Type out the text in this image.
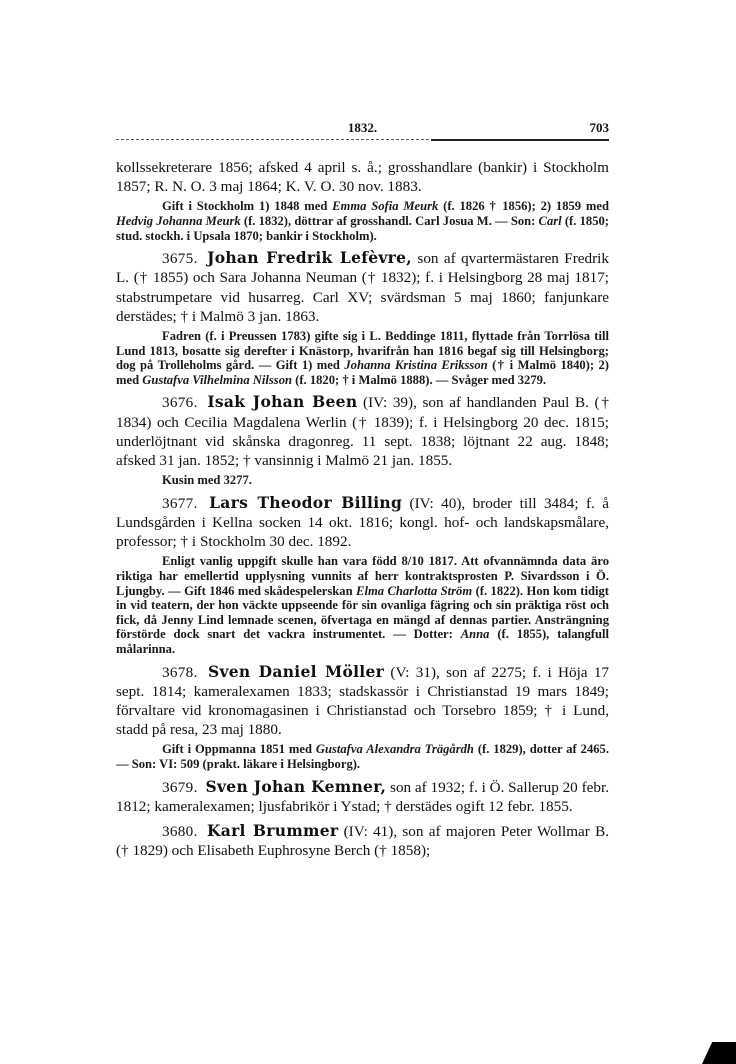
1832.	703

kollssekreterare 1856; afsked 4 april s. å.; grosshandlare (bankir) i Stockholm 1857; R. N. O. 3 maj 1864; K. V. O. 30 nov. 1883.

Gift i Stockholm 1) 1848 med Emma Sofia Meurk (f. 1826 † 1856); 2) 1859 med Hedvig Johanna Meurk (f. 1832), döttrar af grosshandl. Carl Josua M. — Son: Carl (f. 1850; stud. stockh. i Upsala 1870; bankir i Stockholm).

3675. Johan Fredrik Lefèvre, son af qvartermästaren Fredrik L. († 1855) och Sara Johanna Neuman († 1832); f. i Helsingborg 28 maj 1817; stabstrumpetare vid husarreg. Carl XV; svärdsman 5 maj 1860; fanjunkare derstädes; † i Malmö 3 jan. 1863.

Fadren (f. i Preussen 1783) gifte sig i L. Beddinge 1811, flyttade från Torrlösa till Lund 1813, bosatte sig derefter i Knästorp, hvarifrån han 1816 begaf sig till Helsingborg; dog på Trolleholms gård. — Gift 1) med Johanna Kristina Eriksson († i Malmö 1840); 2) med Gustafva Vilhelmina Nilsson (f. 1820; † i Malmö 1888). — Svåger med 3279.

3676. Isak Johan Been (IV: 39), son af handlanden Paul B. († 1834) och Cecilia Magdalena Werlin († 1839); f. i Helsingborg 20 dec. 1815; underlöjtnant vid skånska dragonreg. 11 sept. 1838; löjtnant 22 aug. 1848; afsked 31 jan. 1852; † vansinnig i Malmö 21 jan. 1855.

Kusin med 3277.

3677. Lars Theodor Billing (IV: 40), broder till 3484; f. å Lundsgården i Kellna socken 14 okt. 1816; kongl. hof- och landskapsmålare, professor; † i Stockholm 30 dec. 1892.

Enligt vanlig uppgift skulle han vara född 8/10 1817. Att ofvannämnda data äro riktiga har emellertid upplysning vunnits af herr kontraktsprosten P. Sivardsson i Ö. Ljungby. — Gift 1846 med skådespelerskan Elma Charlotta Ström (f. 1822). Hon kom tidigt in vid teatern, der hon väckte uppseende för sin ovanliga fägring och sin präktiga röst och fick, då Jenny Lind lemnade scenen, öfvertaga en mängd af dennas partier. Ansträngning förstörde dock snart det vackra instrumentet. — Dotter: Anna (f. 1855), talangfull målarinna.

3678. Sven Daniel Möller (V: 31), son af 2275; f. i Höja 17 sept. 1814; kameralexamen 1833; stadskassör i Christianstad 19 mars 1849; förvaltare vid kronomagasinen i Christianstad och Torsebro 1859; † i Lund, stadd på resa, 23 maj 1880.

Gift i Oppmanna 1851 med Gustafva Alexandra Trägårdh (f. 1829), dotter af 2465. — Son: VI: 509 (prakt. läkare i Helsingborg).

3679. Sven Johan Kemner, son af 1932; f. i Ö. Sallerup 20 febr. 1812; kameralexamen; ljusfabrikör i Ystad; † derstädes ogift 12 febr. 1855.

3680. Karl Brummer (IV: 41), son af majoren Peter Wollmar B. († 1829) och Elisabeth Euphrosyne Berch († 1858);
